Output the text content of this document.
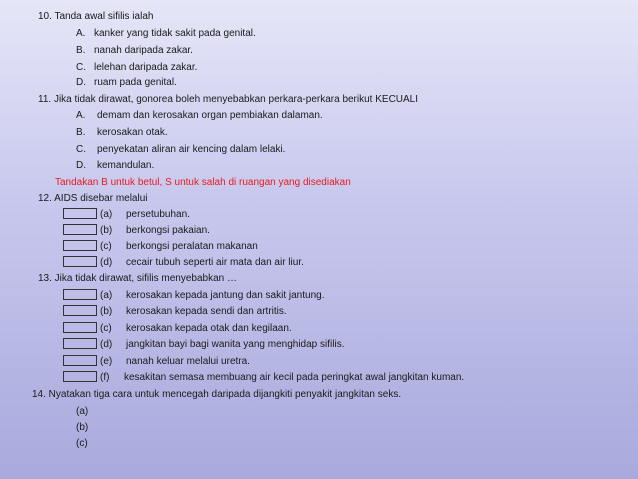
10. Tanda awal sifilis ialah
A. kanker yang tidak sakit pada genital.
B. nanah daripada zakar.
C. lelehan daripada zakar.
D. ruam pada genital.
11. Jika tidak dirawat, gonorea boleh menyebabkan perkara-perkara berikut KECUALI
A. demam dan kerosakan organ pembiakan dalaman.
B. kerosakan otak.
C. penyekatan aliran air kencing dalam lelaki.
D. kemandulan.
Tandakan B untuk betul, S untuk salah di ruangan yang disediakan
12. AIDS disebar melalui
(a) persetubuhan.
(b) berkongsi pakaian.
(c) berkongsi peralatan makanan
(d) cecair tubuh seperti air mata dan air liur.
13. Jika tidak dirawat, sifilis menyebabkan …
(a) kerosakan kepada jantung dan sakit jantung.
(b) kerosakan kepada sendi dan artritis.
(c) kerosakan kepada otak dan kegilaan.
(d) jangkitan bayi bagi wanita yang menghidap sifilis.
(e) nanah keluar melalui uretra.
(f) kesakitan semasa membuang air kecil pada peringkat awal jangkitan kuman.
14. Nyatakan tiga cara untuk mencegah daripada dijangkiti penyakit jangkitan seks.
(a)
(b)
(c)
